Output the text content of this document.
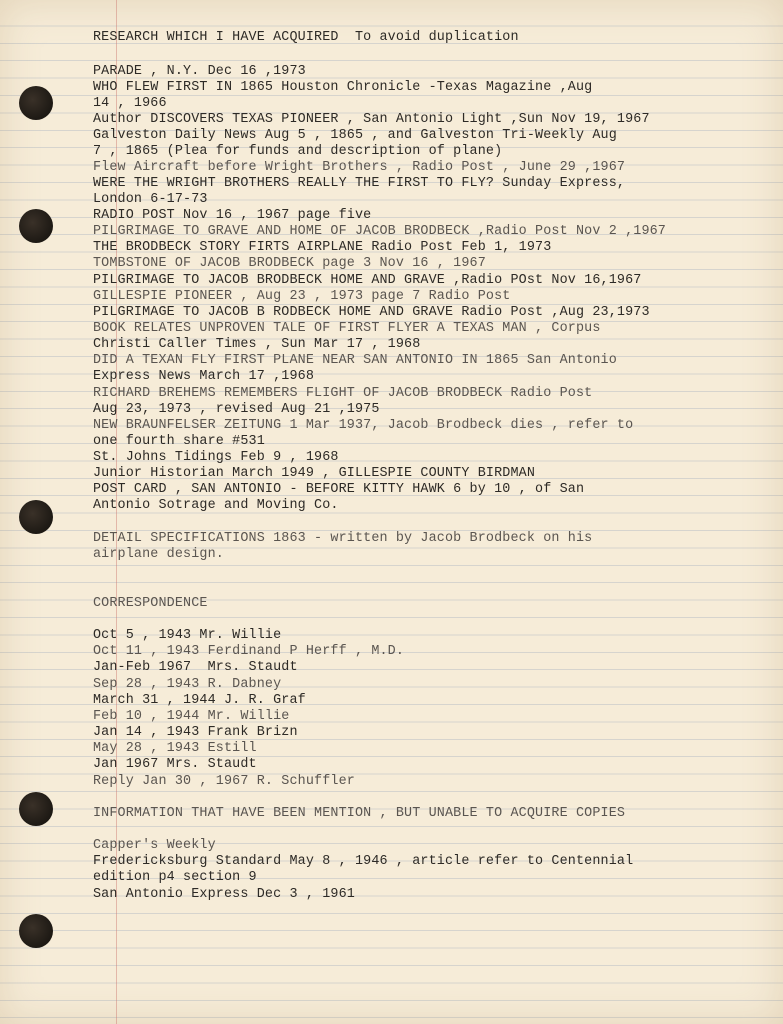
RESEARCH WHICH I HAVE ACQUIRED  To avoid duplication
PARADE , N.Y. Dec 16 ,1973
WHO FLEW FIRST IN 1865 Houston Chronicle -Texas Magazine ,Aug
14 , 1966
Author DISCOVERS TEXAS PIONEER , San Antonio Light ,Sun Nov 19, 1967
Galveston Daily News Aug 5 , 1865 , and Galveston Tri-Weekly Aug
7 , 1865 (Plea for funds and description of plane)
Flew Aircraft before Wright Brothers , Radio Post , June 29 ,1967
WERE THE WRIGHT BROTHERS REALLY THE FIRST TO FLY? Sunday Express,
London 6-17-73
RADIO POST Nov 16 , 1967 page five
PILGRIMAGE TO GRAVE AND HOME OF JACOB BRODBECK ,Radio Post Nov 2 ,1967
THE BRODBECK STORY FIRTS AIRPLANE Radio Post Feb 1, 1973
TOMBSTONE OF JACOB BRODBECK page 3 Nov 16 , 1967
PILGRIMAGE TO JACOB BRODBECK HOME AND GRAVE ,Radio POst Nov 16,1967
GILLESPIE PIONEER , Aug 23 , 1973 page 7 Radio Post
PILGRIMAGE TO JACOB B RODBECK HOME AND GRAVE Radio Post ,Aug 23,1973
BOOK RELATES UNPROVEN TALE OF FIRST FLYER A TEXAS MAN , Corpus
Christi Caller Times , Sun Mar 17 , 1968
DID A TEXAN FLY FIRST PLANE NEAR SAN ANTONIO IN 1865 San Antonio
Express News March 17 ,1968
RICHARD BREHEMS REMEMBERS FLIGHT OF JACOB BRODBECK Radio Post
Aug 23, 1973 , revised Aug 21 ,1975
NEW BRAUNFELSER ZEITUNG 1 Mar 1937, Jacob Brodbeck dies , refer to
one fourth share #531
St. Johns Tidings Feb 9 , 1968
Junior Historian March 1949 , GILLESPIE COUNTY BIRDMAN
POST CARD , SAN ANTONIO - BEFORE KITTY HAWK 6 by 10 , of San
Antonio Sotrage and Moving Co.
DETAIL SPECIFICATIONS 1863 - written by Jacob Brodbeck on his
airplane design.
CORRESPONDENCE
Oct 5 , 1943 Mr. Willie
Oct 11 , 1943 Ferdinand P Herff , M.D.
Jan-Feb 1967  Mrs. Staudt
Sep 28 , 1943 R. Dabney
March 31 , 1944 J. R. Graf
Feb 10 , 1944 Mr. Willie
Jan 14 , 1943 Frank Brizn
May 28 , 1943 Estill
Jan 1967 Mrs. Staudt
Reply Jan 30 , 1967 R. Schuffler
INFORMATION THAT HAVE BEEN MENTION , BUT UNABLE TO ACQUIRE COPIES
Capper's Weekly
Fredericksburg Standard May 8 , 1946 , article refer to Centennial
edition p4 section 9
San Antonio Express Dec 3 , 1961
